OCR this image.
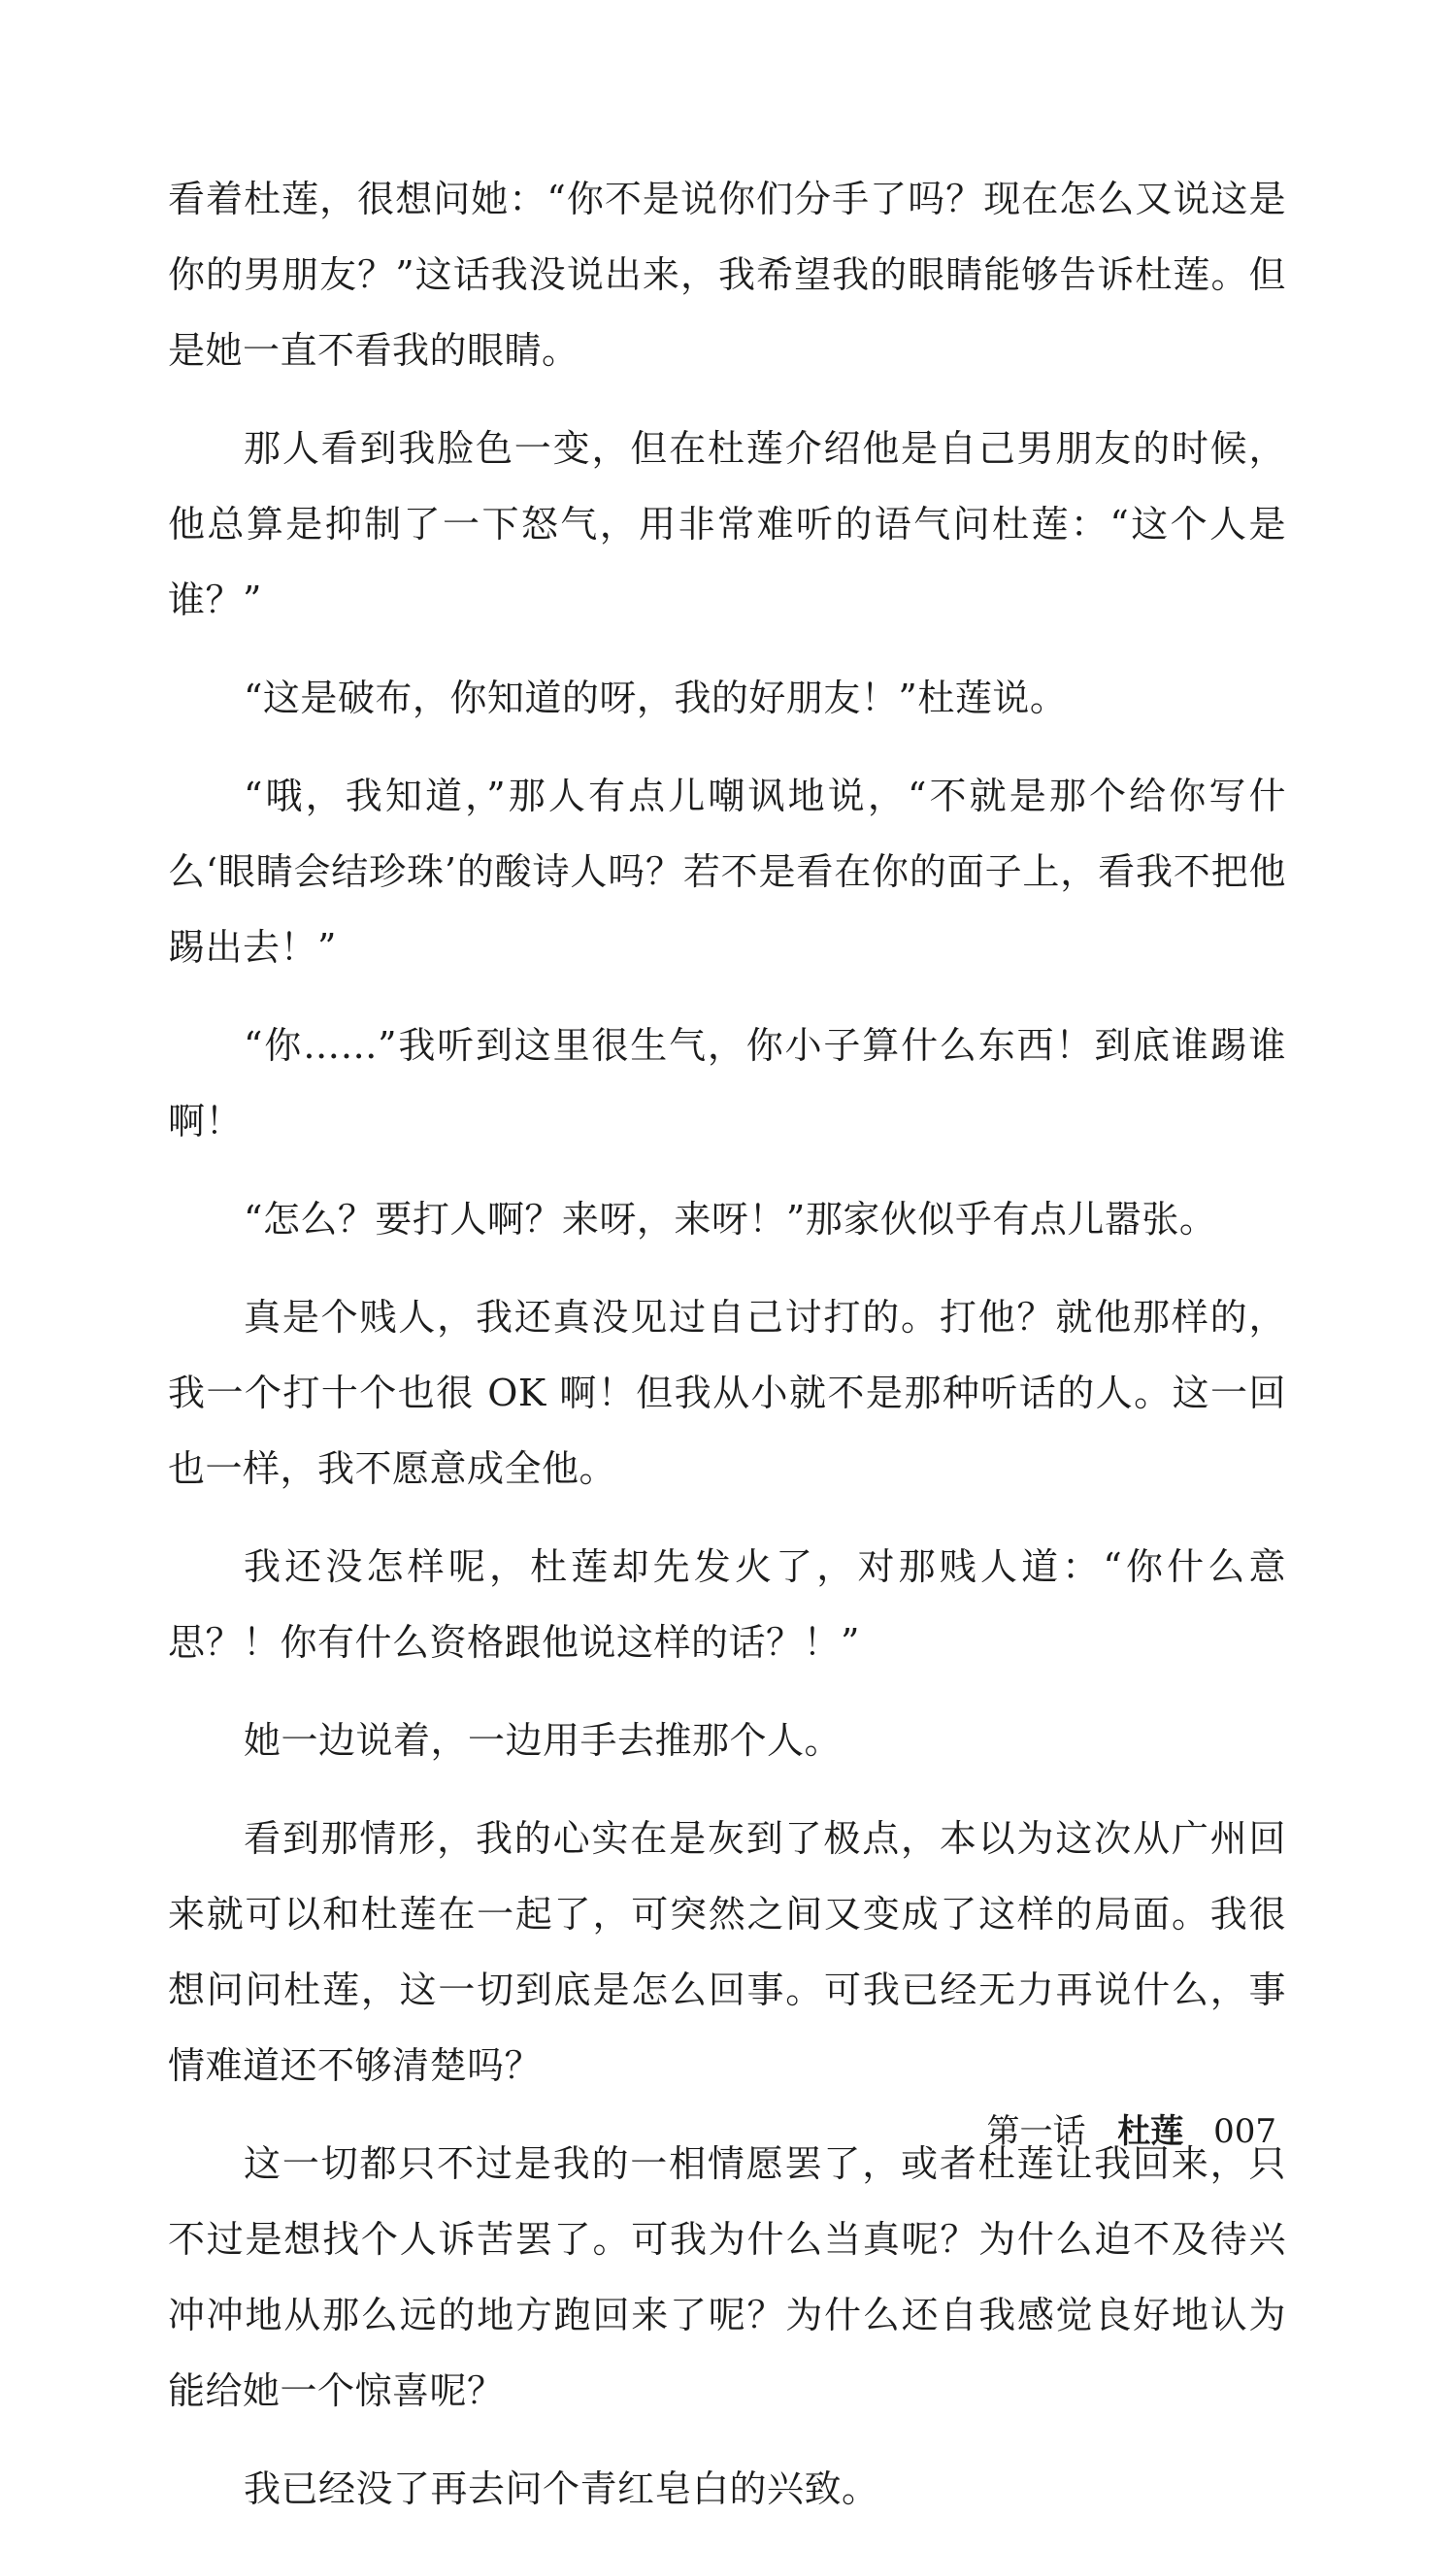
看着杜莲，很想问她：“你不是说你们分手了吗？现在怎么又说这是你的男朋友？”这话我没说出来，我希望我的眼睛能够告诉杜莲。但是她一直不看我的眼睛。

那人看到我脸色一变，但在杜莲介绍他是自己男朋友的时候，他总算是抑制了一下怒气，用非常难听的语气问杜莲：“这个人是谁？”

“这是破布，你知道的呀，我的好朋友！”杜莲说。

“哦，我知道，”那人有点儿嘲讽地说，“不就是那个给你写什么‘眼睛会结珍珠’的酸诗人吗？若不是看在你的面子上，看我不把他踢出去！”

“你……”我听到这里很生气，你小子算什么东西！到底谁踢谁啊！

“怎么？要打人啊？来呀，来呀！”那家伙似乎有点儿嚣张。

真是个贱人，我还真没见过自己讨打的。打他？就他那样的，我一个打十个也很 OK 啊！但我从小就不是那种听话的人。这一回也一样，我不愿意成全他。

我还没怎样呢，杜莲却先发火了，对那贱人道：“你什么意思？！你有什么资格跟他说这样的话？！”

她一边说着，一边用手去推那个人。

看到那情形，我的心实在是灰到了极点，本以为这次从广州回来就可以和杜莲在一起了，可突然之间又变成了这样的局面。我很想问问杜莲，这一切到底是怎么回事。可我已经无力再说什么，事情难道还不够清楚吗？

这一切都只不过是我的一相情愿罢了，或者杜莲让我回来，只不过是想找个人诉苦罢了。可我为什么当真呢？为什么迫不及待兴冲冲地从那么远的地方跑回来了呢？为什么还自我感觉良好地认为能给她一个惊喜呢？

我已经没了再去问个青红皂白的兴致。

第一话 杜莲 007
